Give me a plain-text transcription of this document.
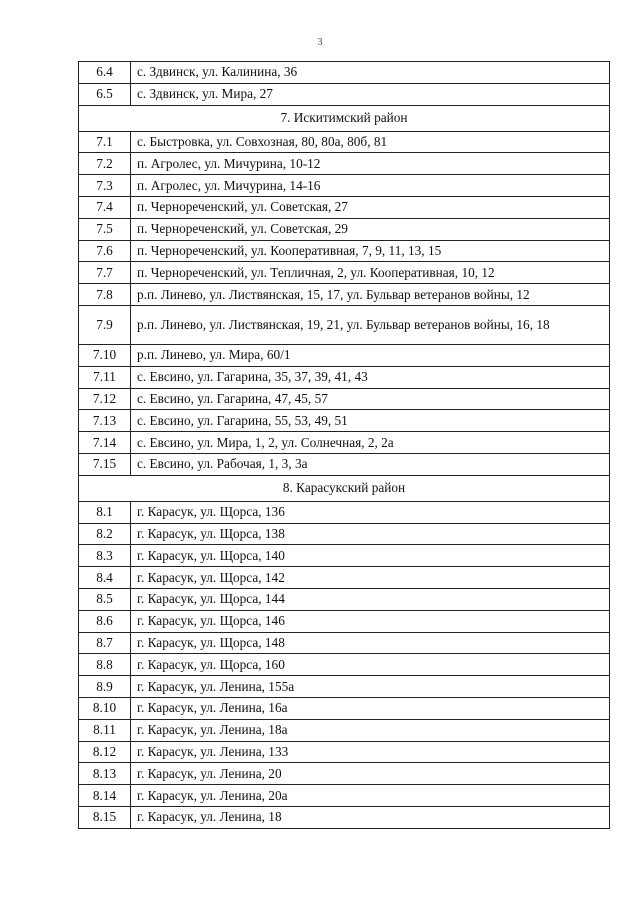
3
6.4	с. Здвинск, ул. Калинина, 36
6.5	с. Здвинск, ул. Мира, 27
7. Искитимский район	
7.1	с. Быстровка, ул. Совхозная, 80, 80а, 80б, 81
7.2	п. Агролес, ул. Мичурина, 10-12
7.3	п. Агролес, ул. Мичурина, 14-16
7.4	п. Чернореченский, ул. Советская, 27
7.5	п. Чернореченский, ул. Советская, 29
7.6	п. Чернореченский, ул. Кооперативная, 7, 9, 11, 13, 15
7.7	п. Чернореченский, ул. Тепличная, 2, ул. Кооперативная, 10, 12
7.8	р.п. Линево, ул. Листвянская, 15, 17, ул. Бульвар ветеранов войны, 12
7.9	р.п. Линево, ул. Листвянская, 19, 21, ул. Бульвар ветеранов войны, 16, 18
7.10	р.п. Линево, ул. Мира, 60/1
7.11	с. Евсино, ул. Гагарина, 35, 37, 39, 41, 43
7.12	с. Евсино, ул. Гагарина, 47, 45, 57
7.13	с. Евсино, ул. Гагарина, 55, 53, 49, 51
7.14	с. Евсино, ул. Мира, 1, 2, ул. Солнечная, 2, 2а
7.15	с. Евсино, ул. Рабочая, 1, 3, 3а
8. Карасукский район	
8.1	г. Карасук, ул. Щорса, 136
8.2	г. Карасук, ул. Щорса, 138
8.3	г. Карасук, ул. Щорса, 140
8.4	г. Карасук, ул. Щорса, 142
8.5	г. Карасук, ул. Щорса, 144
8.6	г. Карасук, ул. Щорса, 146
8.7	г. Карасук, ул. Щорса, 148
8.8	г. Карасук, ул. Щорса, 160
8.9	г. Карасук, ул. Ленина, 155а
8.10	г. Карасук, ул. Ленина, 16а
8.11	г. Карасук, ул. Ленина, 18а
8.12	г. Карасук, ул. Ленина, 133
8.13	г. Карасук, ул. Ленина, 20
8.14	г. Карасук, ул. Ленина, 20а
8.15	г. Карасук, ул. Ленина, 18
